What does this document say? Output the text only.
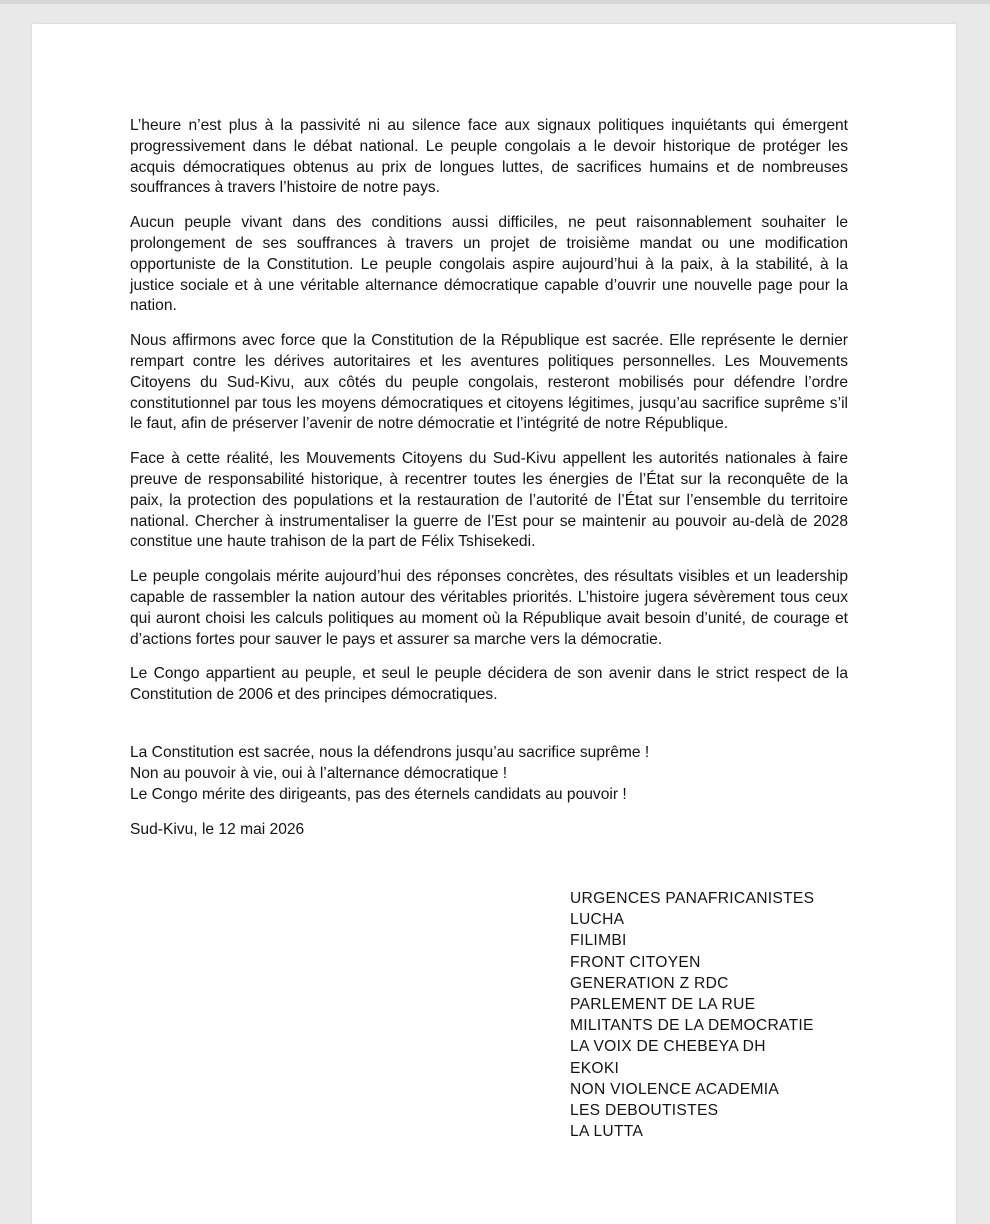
L’heure n’est plus à la passivité ni au silence face aux signaux politiques inquiétants qui émergent progressivement dans le débat national. Le peuple congolais a le devoir historique de protéger les acquis démocratiques obtenus au prix de longues luttes, de sacrifices humains et de nombreuses souffrances à travers l’histoire de notre pays.

Aucun peuple vivant dans des conditions aussi difficiles, ne peut raisonnablement souhaiter le prolongement de ses souffrances à travers un projet de troisième mandat ou une modification opportuniste de la Constitution. Le peuple congolais aspire aujourd’hui à la paix, à la stabilité, à la justice sociale et à une véritable alternance démocratique capable d’ouvrir une nouvelle page pour la nation.

Nous affirmons avec force que la Constitution de la République est sacrée. Elle représente le dernier rempart contre les dérives autoritaires et les aventures politiques personnelles. Les Mouvements Citoyens du Sud-Kivu, aux côtés du peuple congolais, resteront mobilisés pour défendre l’ordre constitutionnel par tous les moyens démocratiques et citoyens légitimes, jusqu’au sacrifice suprême s’il le faut, afin de préserver l’avenir de notre démocratie et l’intégrité de notre République.

Face à cette réalité, les Mouvements Citoyens du Sud-Kivu appellent les autorités nationales à faire preuve de responsabilité historique, à recentrer toutes les énergies de l’État sur la reconquête de la paix, la protection des populations et la restauration de l’autorité de l’État sur l’ensemble du territoire national. Chercher à instrumentaliser la guerre de l’Est pour se maintenir au pouvoir au-delà de 2028 constitue une haute trahison de la part de Félix Tshisekedi.

Le peuple congolais mérite aujourd’hui des réponses concrètes, des résultats visibles et un leadership capable de rassembler la nation autour des véritables priorités. L’histoire jugera sévèrement tous ceux qui auront choisi les calculs politiques au moment où la République avait besoin d’unité, de courage et d’actions fortes pour sauver le pays et assurer sa marche vers la démocratie.

Le Congo appartient au peuple, et seul le peuple décidera de son avenir dans le strict respect de la Constitution de 2006 et des principes démocratiques.

La Constitution est sacrée, nous la défendrons jusqu’au sacrifice suprême !
Non au pouvoir à vie, oui à l’alternance démocratique !
Le Congo mérite des dirigeants, pas des éternels candidats au pouvoir !
Sud-Kivu, le 12 mai 2026
URGENCES PANAFRICANISTES
LUCHA
FILIMBI
FRONT CITOYEN
GENERATION Z RDC
PARLEMENT DE LA RUE
MILITANTS DE LA DEMOCRATIE
LA VOIX DE CHEBEYA DH
EKOKI
NON VIOLENCE ACADEMIA
LES DEBOUTISTES
LA LUTTA
